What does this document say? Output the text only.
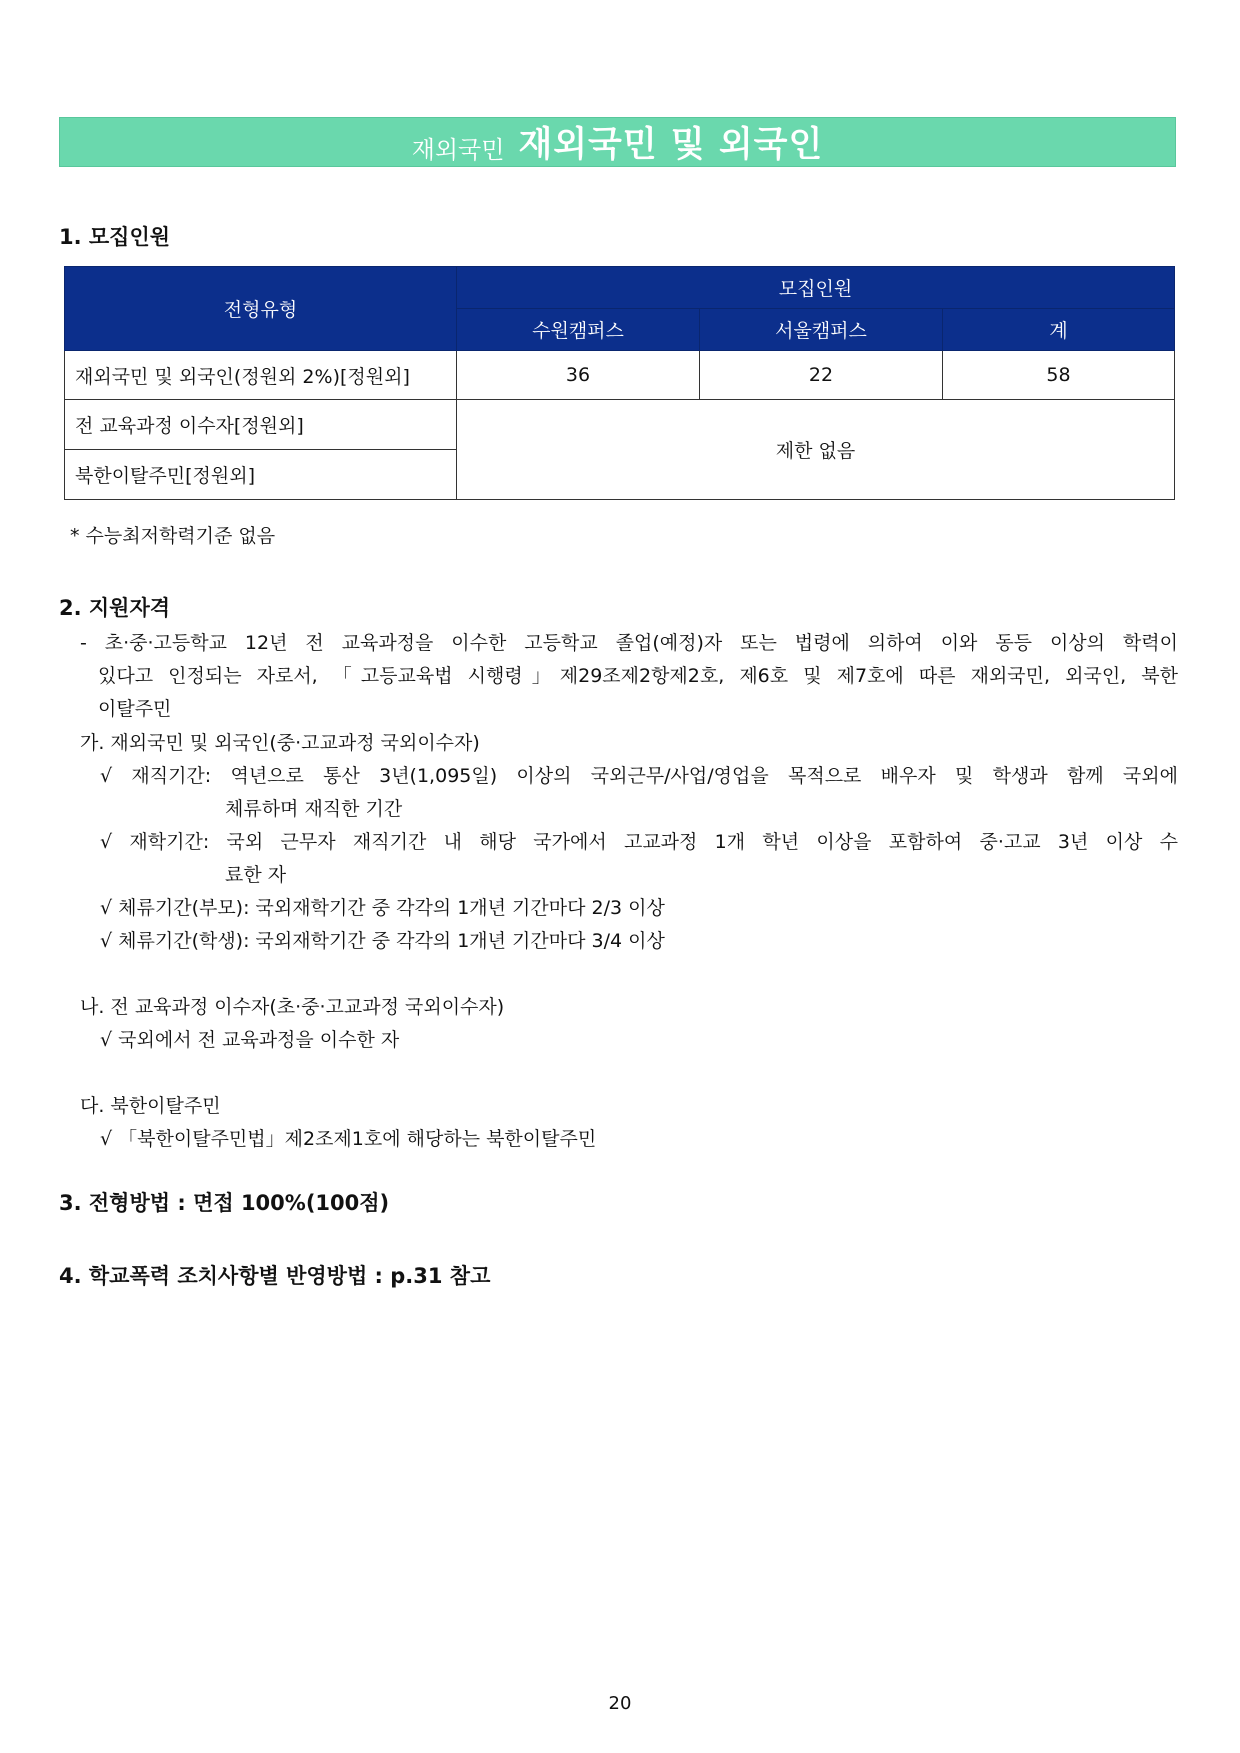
재외국민 재외국민 및 외국인
1. 모집인원
전형유형	모집인원		
	수원캠퍼스	서울캠퍼스	계
재외국민 및 외국인(정원외 2%)[정원외]	36	22	58
전 교육과정 이수자[정원외]	제한 없음		
북한이탈주민[정원외]			
* 수능최저학력기준 없음
2. 지원자격
- 초·중·고등학교 12년 전 교육과정을 이수한 고등학교 졸업(예정)자 또는 법령에 의하여 이와 동등 이상의 학력이
있다고 인정되는 자로서, 「고등교육법 시행령」제29조제2항제2호, 제6호 및 제7호에 따른 재외국민, 외국인, 북한
이탈주민
가. 재외국민 및 외국인(중·고교과정 국외이수자)
√ 재직기간: 역년으로 통산 3년(1,095일) 이상의 국외근무/사업/영업을 목적으로 배우자 및 학생과 함께 국외에
체류하며 재직한 기간
√ 재학기간: 국외 근무자 재직기간 내 해당 국가에서 고교과정 1개 학년 이상을 포함하여 중·고교 3년 이상 수
료한 자
√ 체류기간(부모): 국외재학기간 중 각각의 1개년 기간마다 2/3 이상
√ 체류기간(학생): 국외재학기간 중 각각의 1개년 기간마다 3/4 이상
나. 전 교육과정 이수자(초·중·고교과정 국외이수자)
√ 국외에서 전 교육과정을 이수한 자
다. 북한이탈주민
√ 「북한이탈주민법」제2조제1호에 해당하는 북한이탈주민
3. 전형방법 : 면접 100%(100점)
4. 학교폭력 조치사항별 반영방법 : p.31 참고
20
